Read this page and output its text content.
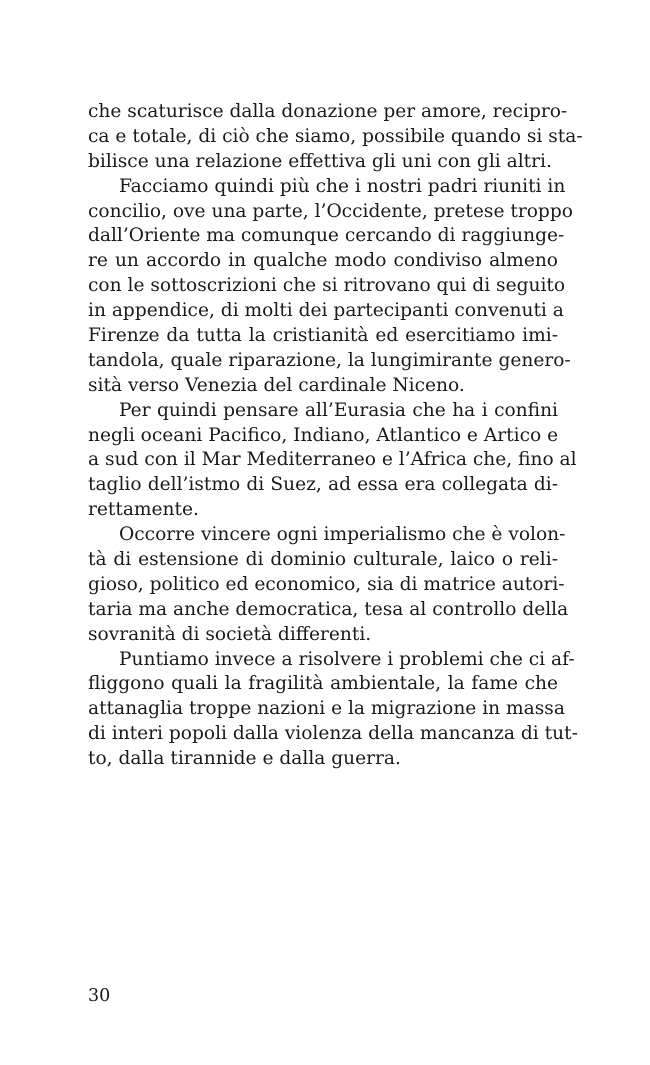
che scaturisce dalla donazione per amore, recipro-
ca e totale, di ciò che siamo, possibile quando si sta-
bilisce una relazione effettiva gli uni con gli altri.
Facciamo quindi più che i nostri padri riuniti in
concilio, ove una parte, l’Occidente, pretese troppo
dall’Oriente ma comunque cercando di raggiunge-
re un accordo in qualche modo condiviso almeno
con le sottoscrizioni che si ritrovano qui di seguito
in appendice, di molti dei partecipanti convenuti a
Firenze da tutta la cristianità ed esercitiamo imi-
tandola, quale riparazione, la lungimirante genero-
sità verso Venezia del cardinale Niceno.
Per quindi pensare all’Eurasia che ha i confini
negli oceani Pacifico, Indiano, Atlantico e Artico e
a sud con il Mar Mediterraneo e l’Africa che, fino al
taglio dell’istmo di Suez, ad essa era collegata di-
rettamente.
Occorre vincere ogni imperialismo che è volon-
tà di estensione di dominio culturale, laico o reli-
gioso, politico ed economico, sia di matrice autori-
taria ma anche democratica, tesa al controllo della
sovranità di società differenti.
Puntiamo invece a risolvere i problemi che ci af-
fliggono quali la fragilità ambientale, la fame che
attanaglia troppe nazioni e la migrazione in massa
di interi popoli dalla violenza della mancanza di tut-
to, dalla tirannide e dalla guerra.
30
